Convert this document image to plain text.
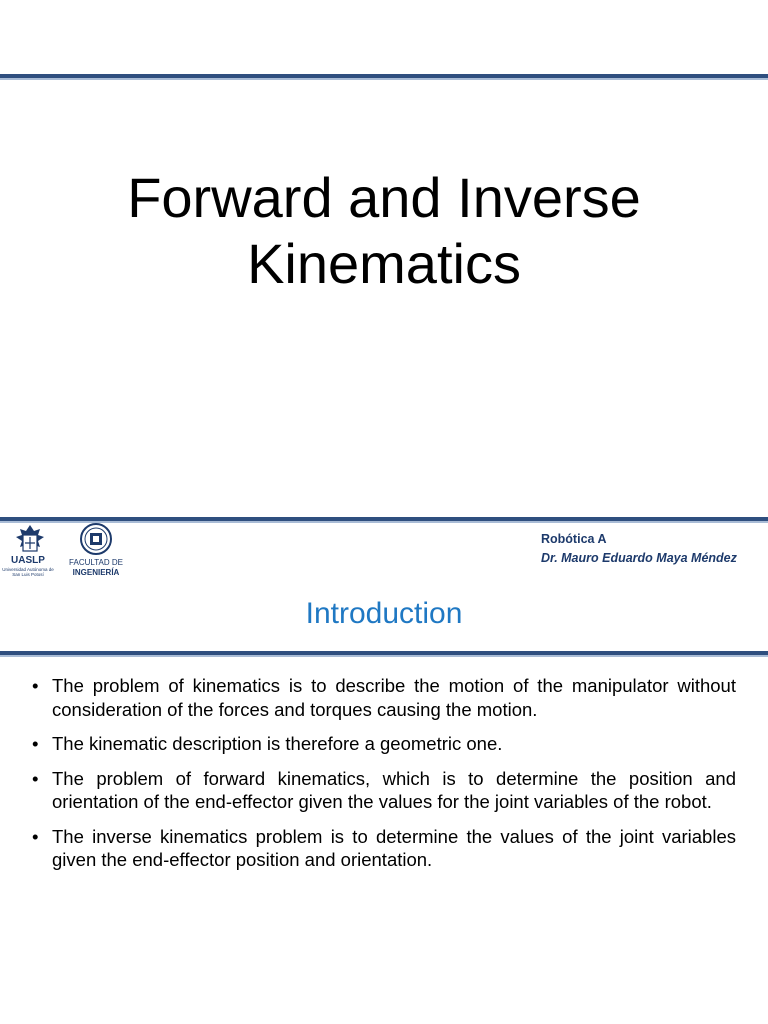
Forward and Inverse
Kinematics
UASLP
Universidad Autónoma de San Luis Potosí
FACULTAD DE
INGENIERÍA
Robótica A
Dr. Mauro Eduardo Maya Méndez
Introduction
• The problem of kinematics is to describe the motion of the manipulator without consideration of the forces and torques causing the motion.
• The kinematic description is therefore a geometric one.
• The problem of forward kinematics, which is to determine the position and orientation of the end-effector given the values for the joint variables of the robot.
• The inverse kinematics problem is to determine the values of the joint variables given the end-effector position and orientation.
